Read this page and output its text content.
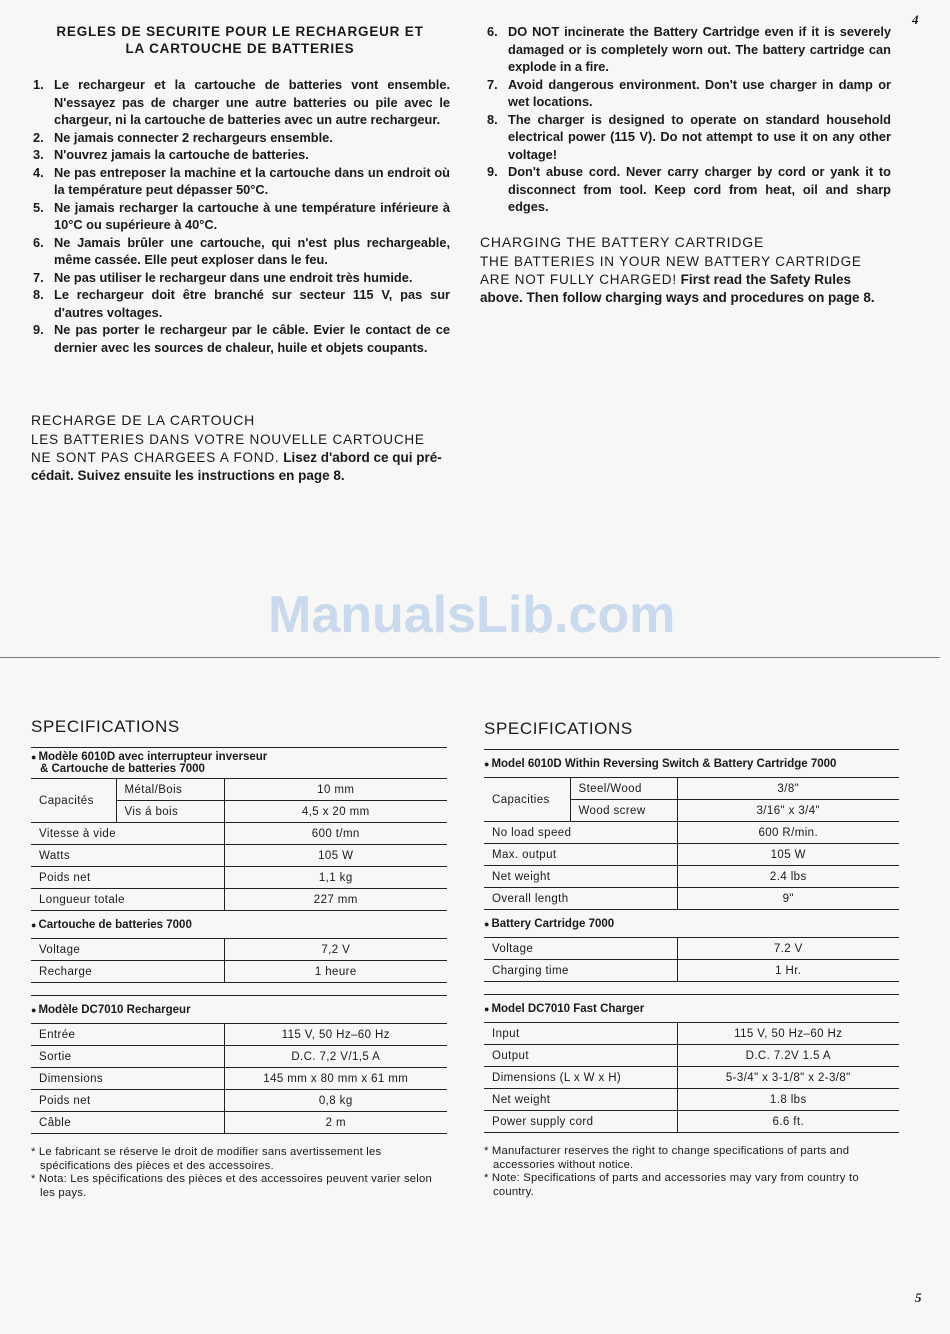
4
5
REGLES DE SECURITE POUR LE RECHARGEUR ET
LA CARTOUCHE DE BATTERIES
1. Le rechargeur et la cartouche de batteries vont ensemble. N'essayez pas de charger une autre batteries ou pile avec le chargeur, ni la cartouche de batteries avec un autre rechargeur.
2. Ne jamais connecter 2 rechargeurs ensemble.
3. N'ouvrez jamais la cartouche de batteries.
4. Ne pas entreposer la machine et la cartouche dans un endroit où la température peut dépasser 50°C.
5. Ne jamais recharger la cartouche à une température inférieure à 10°C ou supérieure à 40°C.
6. Ne Jamais brûler une cartouche, qui n'est plus rechargeable, même cassée. Elle peut exploser dans le feu.
7. Ne pas utiliser le rechargeur dans une endroit très humide.
8. Le rechargeur doit être branché sur secteur 115 V, pas sur d'autres voltages.
9. Ne pas porter le rechargeur par le câble. Evier le contact de ce dernier avec les sources de chaleur, huile et objets coupants.
RECHARGE DE LA CARTOUCH
LES BATTERIES DANS VOTRE NOUVELLE CARTOUCHE
NE SONT PAS CHARGEES A FOND. Lisez d'abord ce qui pré-
cédait. Suivez ensuite les instructions en page 8.
6. DO NOT incinerate the Battery Cartridge even if it is severely damaged or is completely worn out. The battery cartridge can explode in a fire.
7. Avoid dangerous environment. Don't use charger in damp or wet locations.
8. The charger is designed to operate on standard household electrical power (115 V). Do not attempt to use it on any other voltage!
9. Don't abuse cord. Never carry charger by cord or yank it to disconnect from tool. Keep cord from heat, oil and sharp edges.
CHARGING THE BATTERY CARTRIDGE
THE BATTERIES IN YOUR NEW BATTERY CARTRIDGE
ARE NOT FULLY CHARGED! First read the Safety Rules
above. Then follow charging ways and procedures on page 8.
ManualsLib.com
SPECIFICATIONS
● Modèle 6010D avec interrupteur inverseur
& Cartouche de batteries 7000		
Capacités	Métal/Bois	10 mm
	Vis á bois	4,5 x 20 mm
Vitesse à vide		600 t/mn
Watts		105 W
Poids net		1,1 kg
Longueur totale		227 mm
● Cartouche de batteries 7000		
Voltage		7,2 V
Recharge		1 heure

● Modèle DC7010 Rechargeur		
Entrée		115 V, 50 Hz–60 Hz
Sortie		D.C. 7,2 V/1,5 A
Dimensions		145 mm x 80 mm x 61 mm
Poids net		0,8 kg
Câble		2 m
* Le fabricant se réserve le droit de modifier sans avertissement les spécifications des pièces et des accessoires.
* Nota: Les spécifications des pièces et des accessoires peuvent varier selon les pays.
SPECIFICATIONS
● Model 6010D Within Reversing Switch & Battery Cartridge 7000		
Capacities	Steel/Wood	3/8"
	Wood screw	3/16" x 3/4"
No load speed		600 R/min.
Max. output		105 W
Net weight		2.4 lbs
Overall length		9"
● Battery Cartridge 7000		
Voltage		7.2 V
Charging time		1 Hr.

● Model DC7010 Fast Charger		
Input		115 V, 50 Hz–60 Hz
Output		D.C. 7.2V 1.5 A
Dimensions (L x W x H)		5-3/4" x 3-1/8" x 2-3/8"
Net weight		1.8 lbs
Power supply cord		6.6 ft.
* Manufacturer reserves the right to change specifications of parts and accessories without notice.
* Note: Specifications of parts and accessories may vary from country to country.
